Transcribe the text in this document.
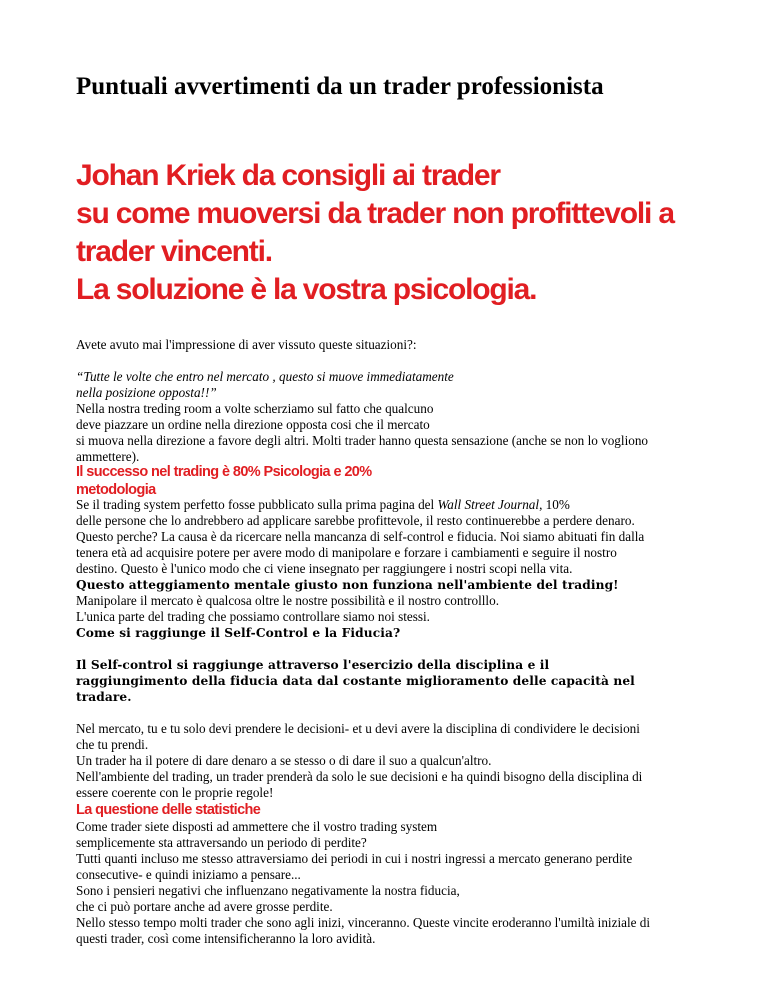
Puntuali avvertimenti da un trader professionista
Johan Kriek da consigli ai trader
su come muoversi da trader non profittevoli a
trader vincenti.
La soluzione è la vostra psicologia.
Avete avuto mai l'impressione di aver vissuto queste situazioni?:
“Tutte le volte che entro nel mercato , questo si muove immediatamente
nella posizione opposta!!”
Nella nostra treding room a volte scherziamo sul fatto che qualcuno
deve piazzare un ordine nella direzione opposta cosi che il mercato
si muova nella direzione a favore degli altri. Molti trader hanno questa sensazione (anche se non lo vogliono
ammettere).
Il successo nel trading è 80% Psicologia e 20%
metodologia
Se il trading system perfetto fosse pubblicato sulla prima pagina del Wall Street Journal, 10%
delle persone che lo andrebbero ad applicare sarebbe profittevole, il resto continuerebbe a perdere denaro.
Questo perche? La causa è da ricercare nella mancanza di self-control e fiducia. Noi siamo abituati fin dalla
tenera età ad acquisire potere per avere modo di manipolare e forzare i cambiamenti e seguire il nostro
destino. Questo è l'unico modo che ci viene insegnato per raggiungere i nostri scopi nella vita.
Questo atteggiamento mentale giusto non funziona nell'ambiente del trading!
Manipolare il mercato è qualcosa oltre le nostre possibilità e il nostro controlllo.
L'unica parte del trading che possiamo controllare siamo noi stessi.
Come si raggiunge il Self-Control e la Fiducia?
Il Self-control si raggiunge attraverso l'esercizio della disciplina e il
raggiungimento della fiducia data dal costante miglioramento delle capacità nel
tradare.
Nel mercato, tu e tu solo devi prendere le decisioni- et u devi avere la disciplina di condividere le decisioni
che tu prendi.
Un trader ha il potere di dare denaro a se stesso o di dare il suo a qualcun'altro.
Nell'ambiente del trading, un trader prenderà da solo le sue decisioni e ha quindi bisogno della disciplina di
essere coerente con le proprie regole!
La questione delle statistiche
Come trader siete disposti ad ammettere che il vostro trading system
semplicemente sta attraversando un periodo di perdite?
Tutti quanti incluso me stesso attraversiamo dei periodi in cui i nostri ingressi a mercato generano perdite
consecutive- e quindi iniziamo a pensare...
Sono i pensieri negativi che influenzano negativamente la nostra fiducia,
che ci può portare anche ad avere grosse perdite.
Nello stesso tempo molti trader che sono agli inizi, vinceranno. Queste vincite eroderanno l'umiltà iniziale di
questi trader, così come intensificheranno la loro avidità.
